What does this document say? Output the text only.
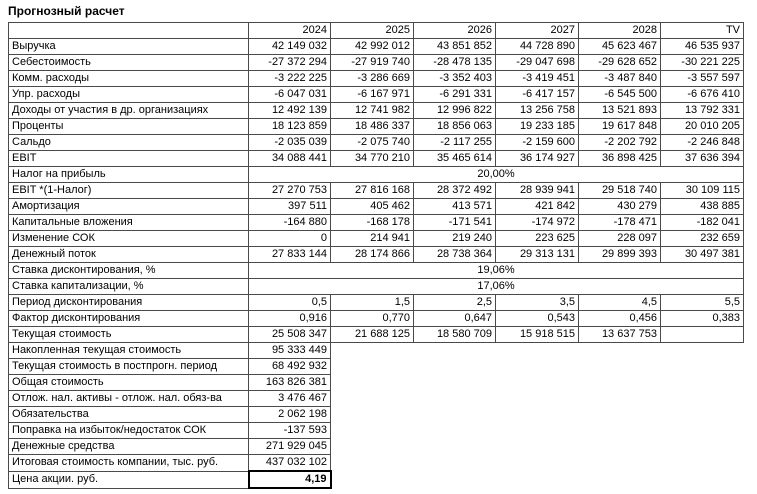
Прогнозный расчет
	2024	2025	2026	2027	2028	TV
Выручка	42 149 032	42 992 012	43 851 852	44 728 890	45 623 467	46 535 937
Себестоимость	-27 372 294	-27 919 740	-28 478 135	-29 047 698	-29 628 652	-30 221 225
Комм. расходы	-3 222 225	-3 286 669	-3 352 403	-3 419 451	-3 487 840	-3 557 597
Упр. расходы	-6 047 031	-6 167 971	-6 291 331	-6 417 157	-6 545 500	-6 676 410
Доходы от участия в др. организациях	12 492 139	12 741 982	12 996 822	13 256 758	13 521 893	13 792 331
Проценты	18 123 859	18 486 337	18 856 063	19 233 185	19 617 848	20 010 205
Сальдо	-2 035 039	-2 075 740	-2 117 255	-2 159 600	-2 202 792	-2 246 848
EBIT	34 088 441	34 770 210	35 465 614	36 174 927	36 898 425	37 636 394
Налог на прибыль	20,00%					
EBIT *(1-Налог)	27 270 753	27 816 168	28 372 492	28 939 941	29 518 740	30 109 115
Амортизация	397 511	405 462	413 571	421 842	430 279	438 885
Капитальные вложения	-164 880	-168 178	-171 541	-174 972	-178 471	-182 041
Изменение СОК	0	214 941	219 240	223 625	228 097	232 659
Денежный поток	27 833 144	28 174 866	28 738 364	29 313 131	29 899 393	30 497 381
Ставка дисконтирования, %	19,06%					
Ставка капитализации, %	17,06%					
Период дисконтирования	0,5	1,5	2,5	3,5	4,5	5,5
Фактор дисконтирования	0,916	0,770	0,647	0,543	0,456	0,383
Текущая стоимость	25 508 347	21 688 125	18 580 709	15 918 515	13 637 753	
Накопленная текущая стоимость	95 333 449					
Текущая стоимость в постпрогн. период	68 492 932					
Общая стоимость	163 826 381					
Отлож. нал. активы - отлож. нал. обяз-ва	3 476 467					
Обязательства	2 062 198					
Поправка на избыток/недостаток СОК	-137 593					
Денежные средства	271 929 045					
Итоговая стоимость компании, тыс. руб.	437 032 102					
Цена акции. руб.	4,19					
